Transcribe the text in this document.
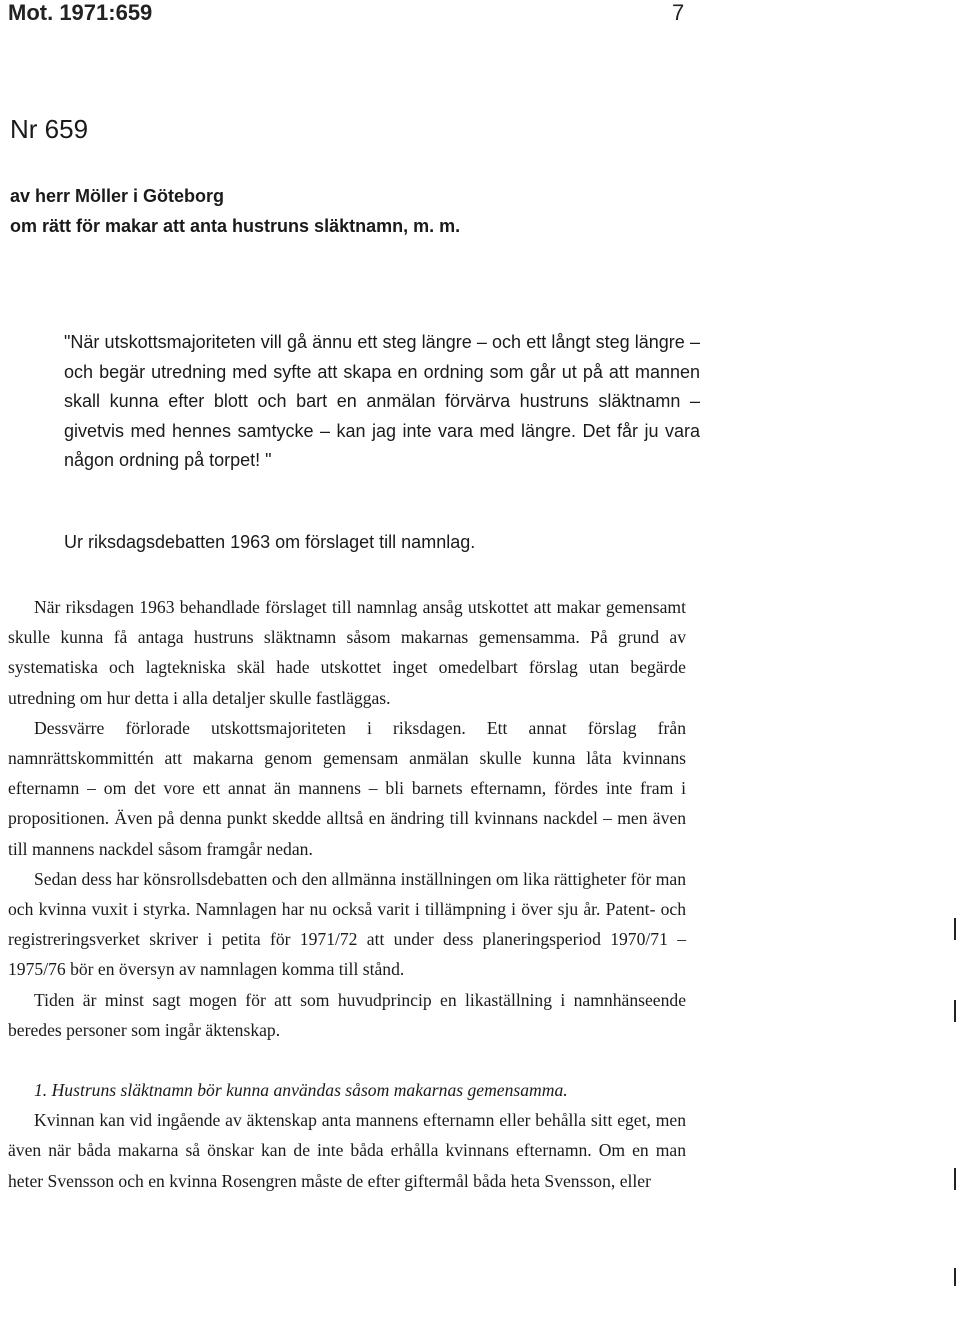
Mot. 1971:659	7
Nr 659
av herr Möller i Göteborg
om rätt för makar att anta hustruns släktnamn, m. m.
"När utskottsmajoriteten vill gå ännu ett steg längre – och ett långt steg längre – och begär utredning med syfte att skapa en ordning som går ut på att mannen skall kunna efter blott och bart en anmälan förvärva hustruns släktnamn – givetvis med hennes samtycke – kan jag inte vara med längre. Det får ju vara någon ordning på torpet! "
Ur riksdagsdebatten 1963 om förslaget till namnlag.

När riksdagen 1963 behandlade förslaget till namnlag ansåg utskottet att makar gemensamt skulle kunna få antaga hustruns släktnamn såsom makarnas gemensamma. På grund av systematiska och lagtekniska skäl hade utskottet inget omedelbart förslag utan begärde utredning om hur detta i alla detaljer skulle fastläggas.

Dessvärre förlorade utskottsmajoriteten i riksdagen. Ett annat förslag från namnrättskommittén att makarna genom gemensam anmälan skulle kunna låta kvinnans efternamn – om det vore ett annat än mannens – bli barnets efternamn, fördes inte fram i propositionen. Även på denna punkt skedde alltså en ändring till kvinnans nackdel – men även till mannens nackdel såsom framgår nedan.

Sedan dess har könsrollsdebatten och den allmänna inställningen om lika rättigheter för man och kvinna vuxit i styrka. Namnlagen har nu också varit i tillämpning i över sju år. Patent- och registreringsverket skriver i petita för 1971/72 att under dess planeringsperiod 1970/71 – 1975/76 bör en översyn av namnlagen komma till stånd.

Tiden är minst sagt mogen för att som huvudprincip en likaställning i namnhänseende beredes personer som ingår äktenskap.

1. Hustruns släktnamn bör kunna användas såsom makarnas gemensamma.

Kvinnan kan vid ingående av äktenskap anta mannens efternamn eller behålla sitt eget, men även när båda makarna så önskar kan de inte båda erhålla kvinnans efternamn. Om en man heter Svensson och en kvinna Rosengren måste de efter giftermål båda heta Svensson, eller
